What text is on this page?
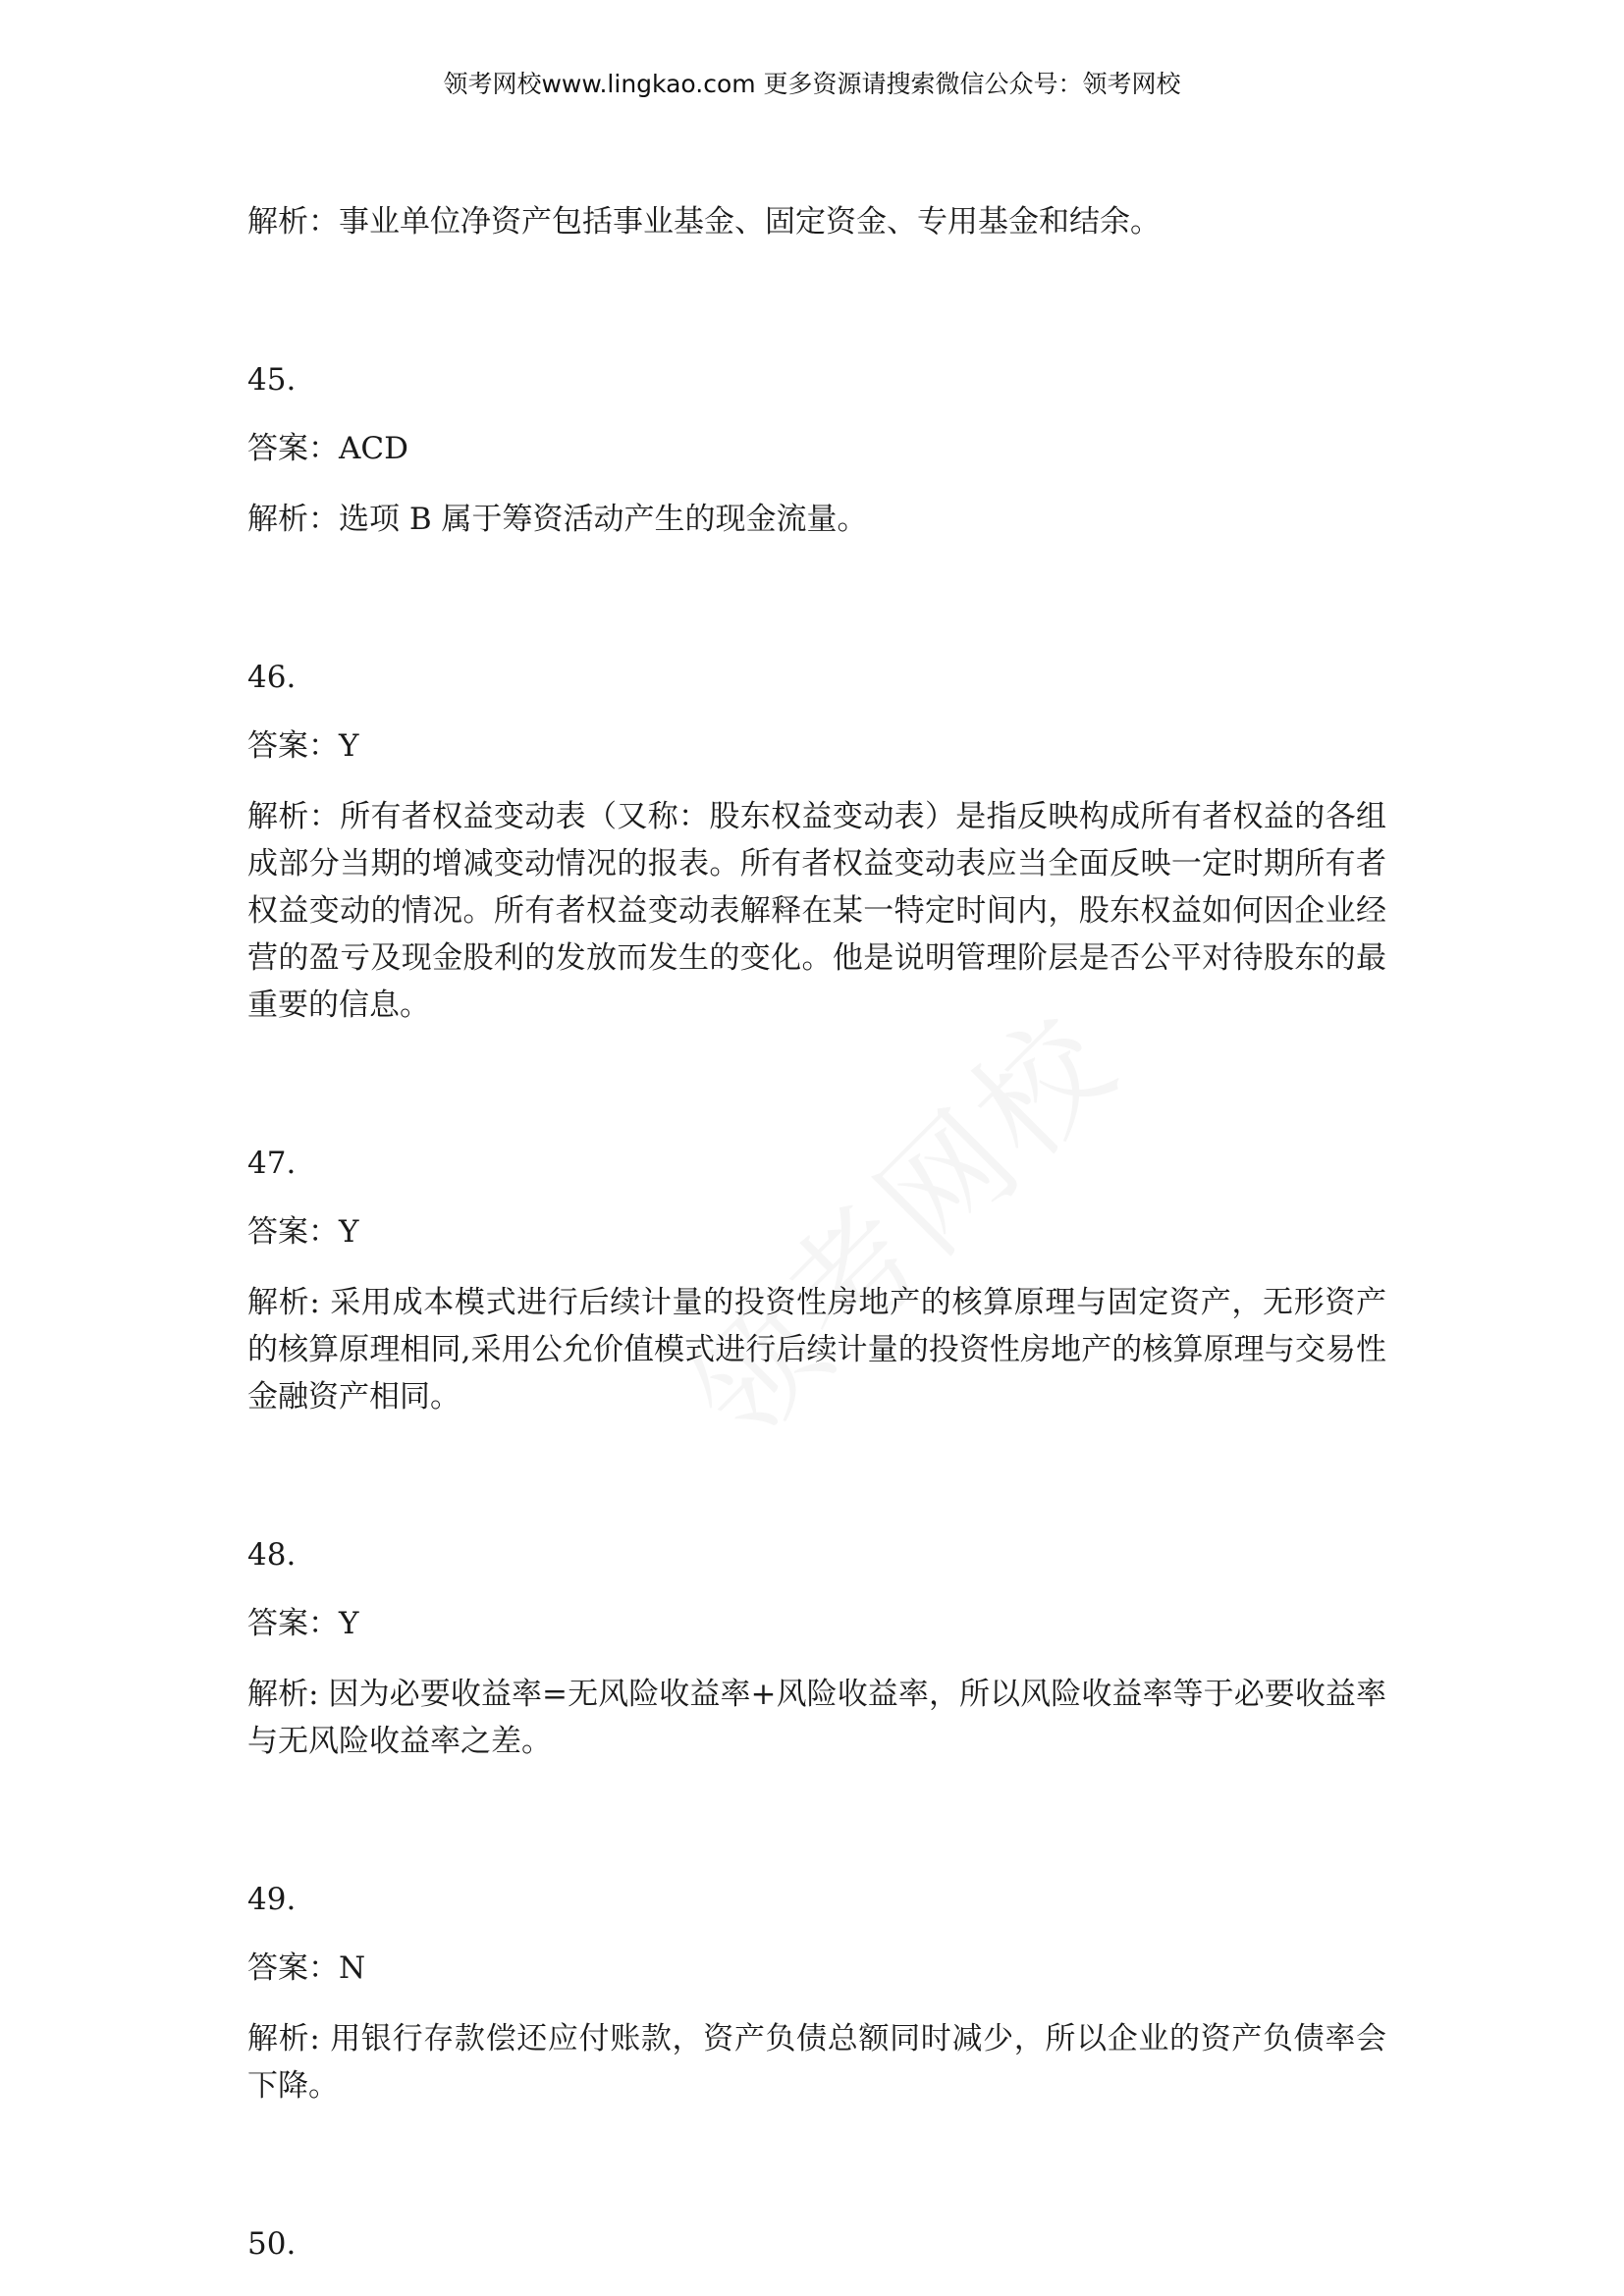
领考网校www.lingkao.com 更多资源请搜索微信公众号：领考网校

解析：事业单位净资产包括事业基金、固定资金、专用基金和结余。

45.

答案：ACD

解析：选项 B 属于筹资活动产生的现金流量。

46.

答案：Y

解析：所有者权益变动表（又称：股东权益变动表）是指反映构成所有者权益的各组成部分当期的增减变动情况的报表。所有者权益变动表应当全面反映一定时期所有者权益变动的情况。所有者权益变动表解释在某一特定时间内，股东权益如何因企业经营的盈亏及现金股利的发放而发生的变化。他是说明管理阶层是否公平对待股东的最重要的信息。

47.

答案：Y

解析: 采用成本模式进行后续计量的投资性房地产的核算原理与固定资产，无形资产的核算原理相同,采用公允价值模式进行后续计量的投资性房地产的核算原理与交易性金融资产相同。

48.

答案：Y

解析: 因为必要收益率=无风险收益率+风险收益率，所以风险收益率等于必要收益率与无风险收益率之差。

49.

答案：N

解析: 用银行存款偿还应付账款，资产负债总额同时减少，所以企业的资产负债率会下降。

50.
